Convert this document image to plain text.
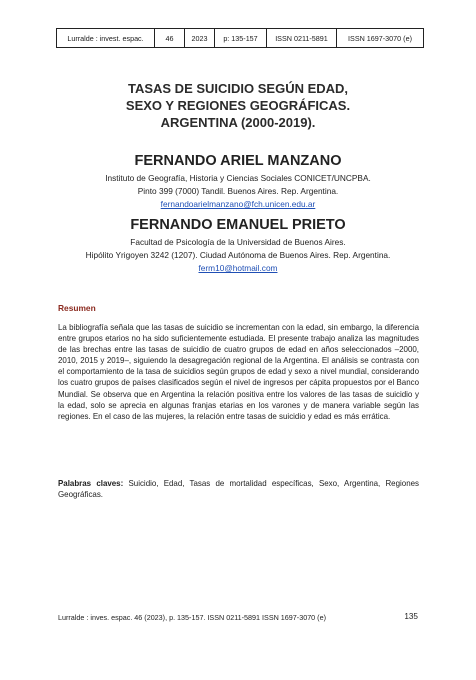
Lurralde : invest. espac.	46	2023	p: 135-157	ISSN 0211-5891	ISSN 1697-3070 (e)
TASAS DE SUICIDIO SEGÚN EDAD,
SEXO Y REGIONES GEOGRÁFICAS.
ARGENTINA (2000-2019).
FERNANDO ARIEL MANZANO
Instituto de Geografía, Historia y Ciencias Sociales CONICET/UNCPBA.
Pinto 399 (7000) Tandil. Buenos Aires. Rep. Argentina.
fernandoarielmanzano@fch.unicen.edu.ar
FERNANDO EMANUEL PRIETO
Facultad de Psicología de la Universidad de Buenos Aires.
Hipólito Yrigoyen 3242 (1207). Ciudad Autónoma de Buenos Aires. Rep. Argentina.
ferm10@hotmail.com
Resumen
La bibliografía señala que las tasas de suicidio se incrementan con la edad, sin embargo, la diferencia entre grupos etarios no ha sido suficientemente estudiada. El presente trabajo analiza las magnitudes de las brechas entre las tasas de suicidio de cuatro grupos de edad en años seleccionados –2000, 2010, 2015 y 2019–, siguiendo la desagregación regional de la Argentina. El análisis se contrasta con el comportamiento de la tasa de suicidios según grupos de edad y sexo a nivel mundial, considerando los cuatro grupos de países clasificados según el nivel de ingresos per cápita propuestos por el Banco Mundial. Se observa que en Argentina la relación positiva entre los valores de las tasas de suicidio y la edad, solo se aprecia en algunas franjas etarias en los varones y de manera variable según las regiones. En el caso de las mujeres, la relación entre tasas de suicidio y edad es más errática.
Palabras claves: Suicidio, Edad, Tasas de mortalidad específicas, Sexo, Argentina, Regiones Geográficas.
Lurralde : inves. espac. 46 (2023), p. 135-157. ISSN 0211-5891 ISSN 1697-3070 (e)	135
